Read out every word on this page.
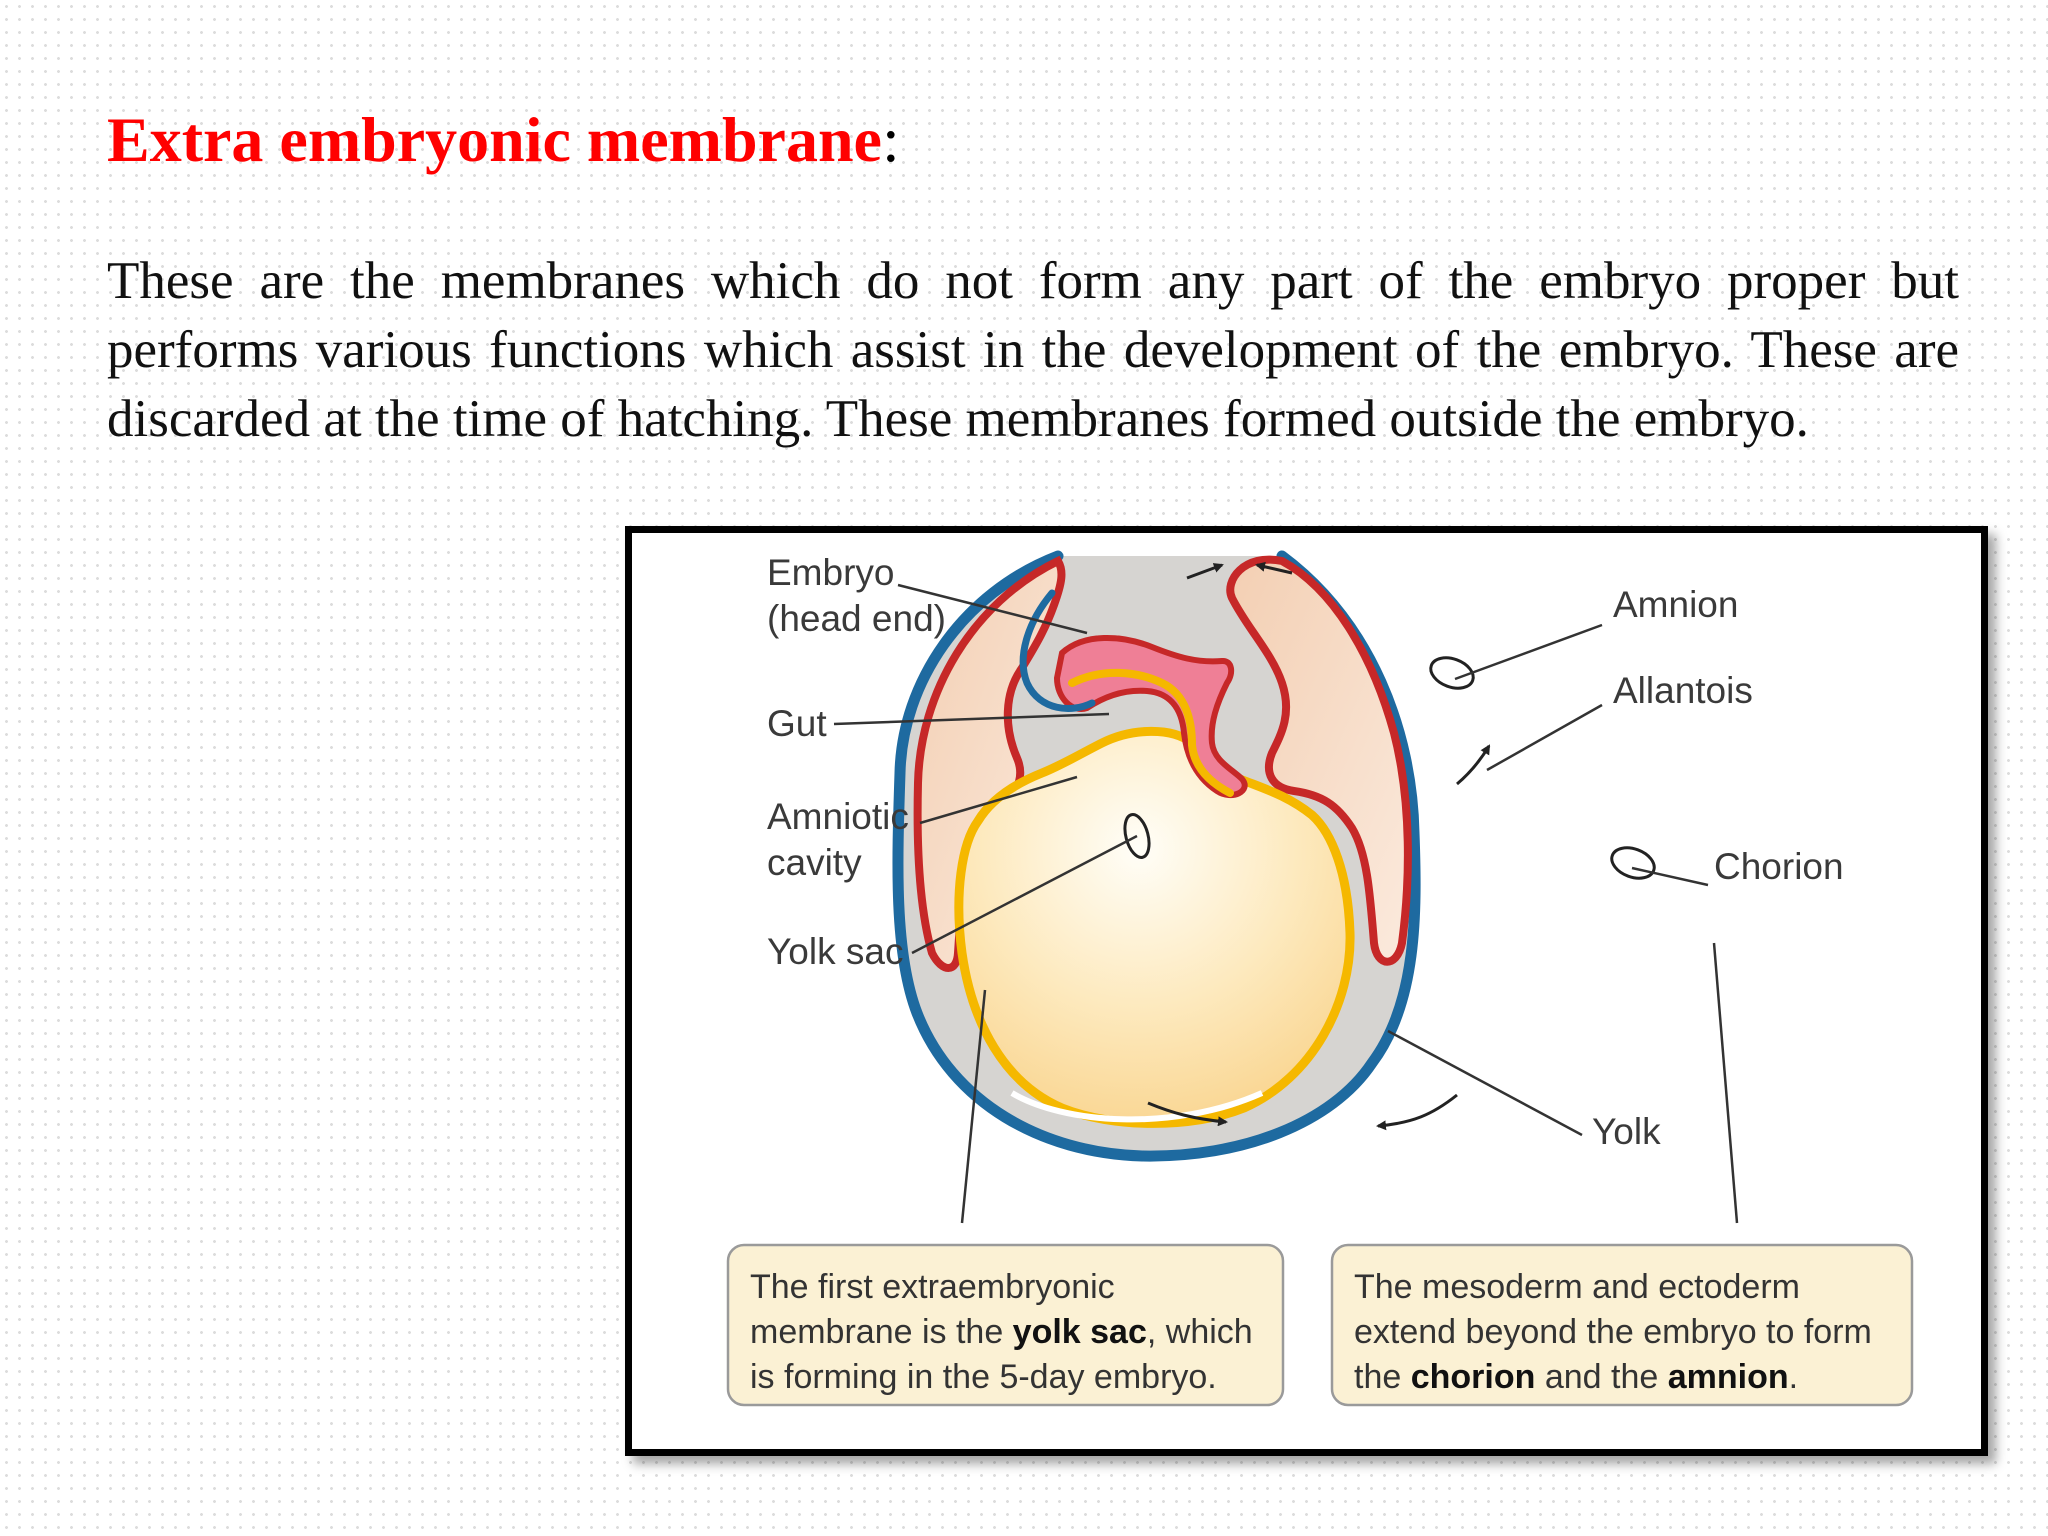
Extra embryonic membrane:

These are the membranes which do not form any part of the embryo proper but performs various functions which assist in the development of the embryo. These are discarded at the time of hatching. These membranes formed outside the embryo.

Embryo
(head end)
Gut
Amniotic
cavity
Yolk sac
Amnion
Allantois
Chorion
Yolk
The first extraembryonic
membrane is the yolk sac, which
is forming in the 5-day embryo.
The mesoderm and ectoderm
extend beyond the embryo to form
the chorion and the amnion.
